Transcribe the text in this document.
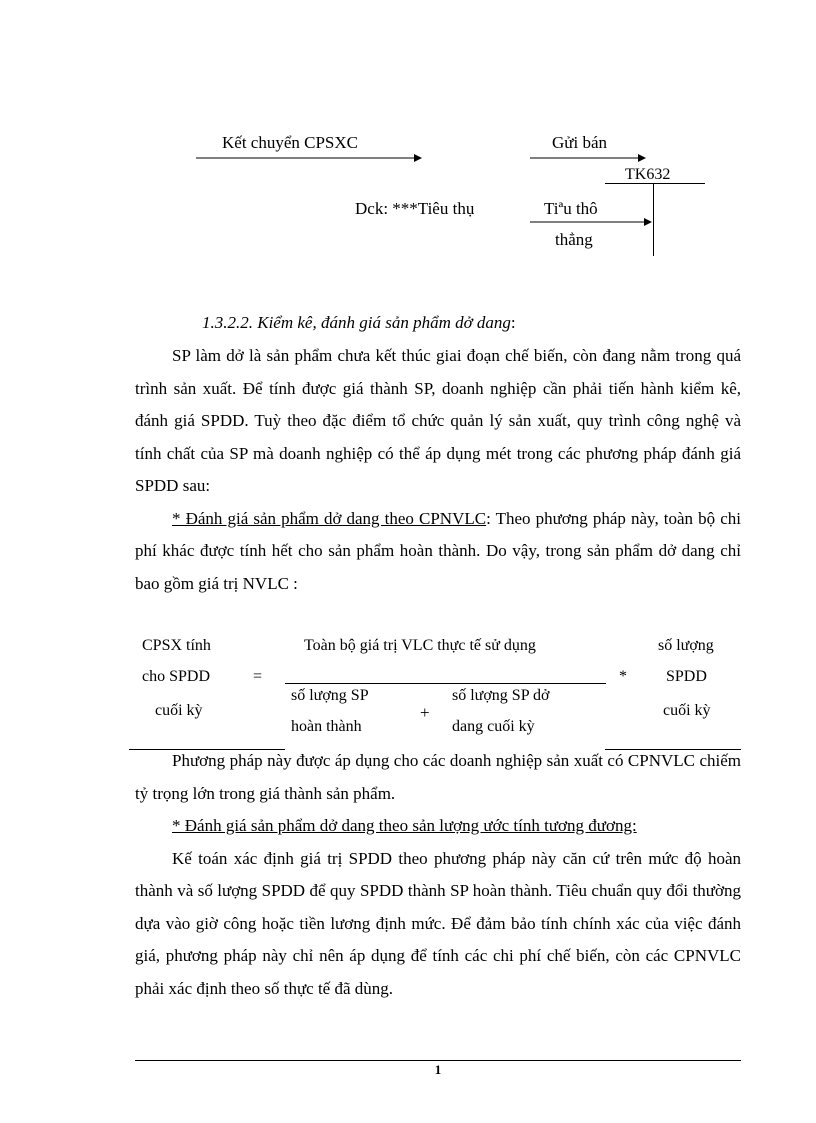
Kết chuyển CPSXC	Gửi bán
TK632
Dck: ***Tiêu thụ	Tiªu thô
thẳng
1.3.2.2. Kiểm kê, đánh giá sản phẩm dở dang:
SP làm dở là sản phẩm chưa kết thúc giai đoạn chế biến, còn đang nằm trong quá trình sản xuất. Để tính được giá thành SP, doanh nghiệp cần phải tiến hành kiểm kê, đánh giá SPDD. Tuỳ theo đặc điểm tổ chức quản lý sản xuất, quy trình công nghệ và tính chất của SP mà doanh nghiệp có thể áp dụng mét trong các phương pháp đánh giá SPDD sau:
* Đánh giá sản phẩm dở dang theo CPNVLC: Theo phương pháp này, toàn bộ chi phí khác được tính hết cho sản phẩm hoàn thành. Do vậy, trong sản phẩm dở dang chỉ bao gồm giá trị NVLC :
CPSX tính
cho SPDD
cuối kỳ
=
Toàn bộ giá trị VLC thực tế sử dụng
số lượng SP
hoàn thành
+
số lượng SP dở
dang cuối kỳ
*
số lượng
SPDD
cuối kỳ
Phương pháp này được áp dụng cho các doanh nghiệp sản xuất có CPNVLC chiếm tỷ trọng lớn trong giá thành sản phẩm.
* Đánh giá sản phẩm dở dang theo sản lượng ước tính tương đương:
Kế toán xác định giá trị SPDD theo phương pháp này căn cứ trên mức độ hoàn thành và số lượng SPDD để quy SPDD thành SP hoàn thành. Tiêu chuẩn quy đổi thường dựa vào giờ công hoặc tiền lương định mức. Để đảm bảo tính chính xác của việc đánh giá, phương pháp này chỉ nên áp dụng để tính các chi phí chế biến, còn các CPNVLC phải xác định theo số thực tế đã dùng.
1
